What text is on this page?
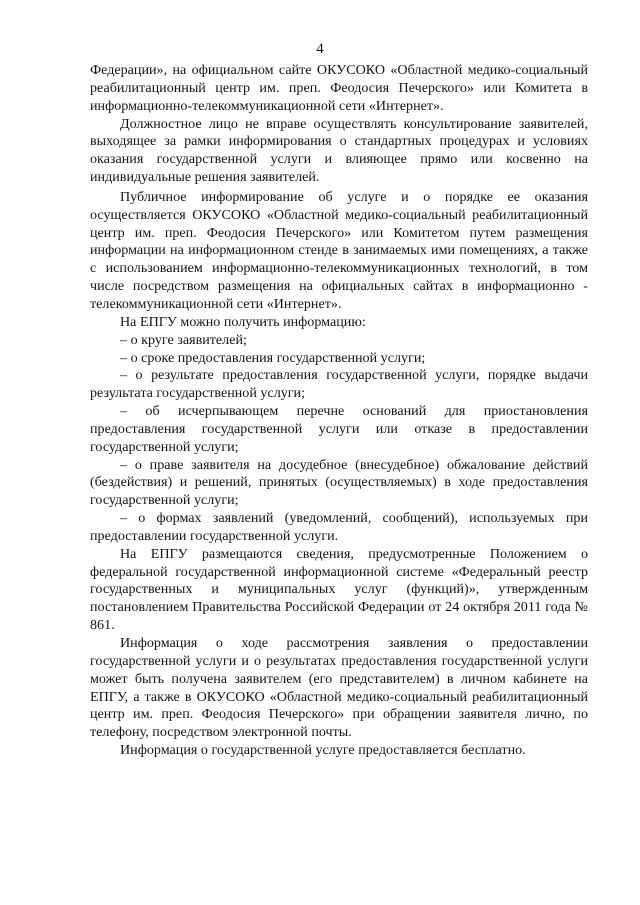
4

Федерации», на официальном сайте ОКУСОКО «Областной медико-социальный реабилитационный центр им. преп. Феодосия Печерского» или Комитета в информационно-телекоммуникационной сети «Интернет».

Должностное лицо не вправе осуществлять консультирование заявителей, выходящее за рамки информирования о стандартных процедурах и условиях оказания государственной услуги и влияющее прямо или косвенно на индивидуальные решения заявителей.

Публичное информирование об услуге и о порядке ее оказания осуществляется ОКУСОКО «Областной медико-социальный реабилитационный центр им. преп. Феодосия Печерского» или Комитетом путем размещения информации на информационном стенде в занимаемых ими помещениях, а также с использованием информационно-телекоммуникационных технологий, в том числе посредством размещения на официальных сайтах в информационно - телекоммуникационной сети «Интернет».

На ЕПГУ можно получить информацию:

– о круге заявителей;

– о сроке предоставления государственной услуги;

– о результате предоставления государственной услуги, порядке выдачи результата государственной услуги;

– об исчерпывающем перечне оснований для приостановления предоставления государственной услуги или отказе в предоставлении государственной услуги;

– о праве заявителя на досудебное (внесудебное) обжалование действий (бездействия) и решений, принятых (осуществляемых) в ходе предоставления государственной услуги;

– о формах заявлений (уведомлений, сообщений), используемых при предоставлении государственной услуги.

На ЕПГУ размещаются сведения, предусмотренные Положением о федеральной государственной информационной системе «Федеральный реестр государственных и муниципальных услуг (функций)», утвержденным постановлением Правительства Российской Федерации от 24 октября 2011 года № 861.

Информация о ходе рассмотрения заявления о предоставлении государственной услуги и о результатах предоставления государственной услуги может быть получена заявителем (его представителем) в личном кабинете на ЕПГУ, а также в ОКУСОКО «Областной медико-социальный реабилитационный центр им. преп. Феодосия Печерского» при обращении заявителя лично, по телефону, посредством электронной почты.

Информация о государственной услуге предоставляется бесплатно.
